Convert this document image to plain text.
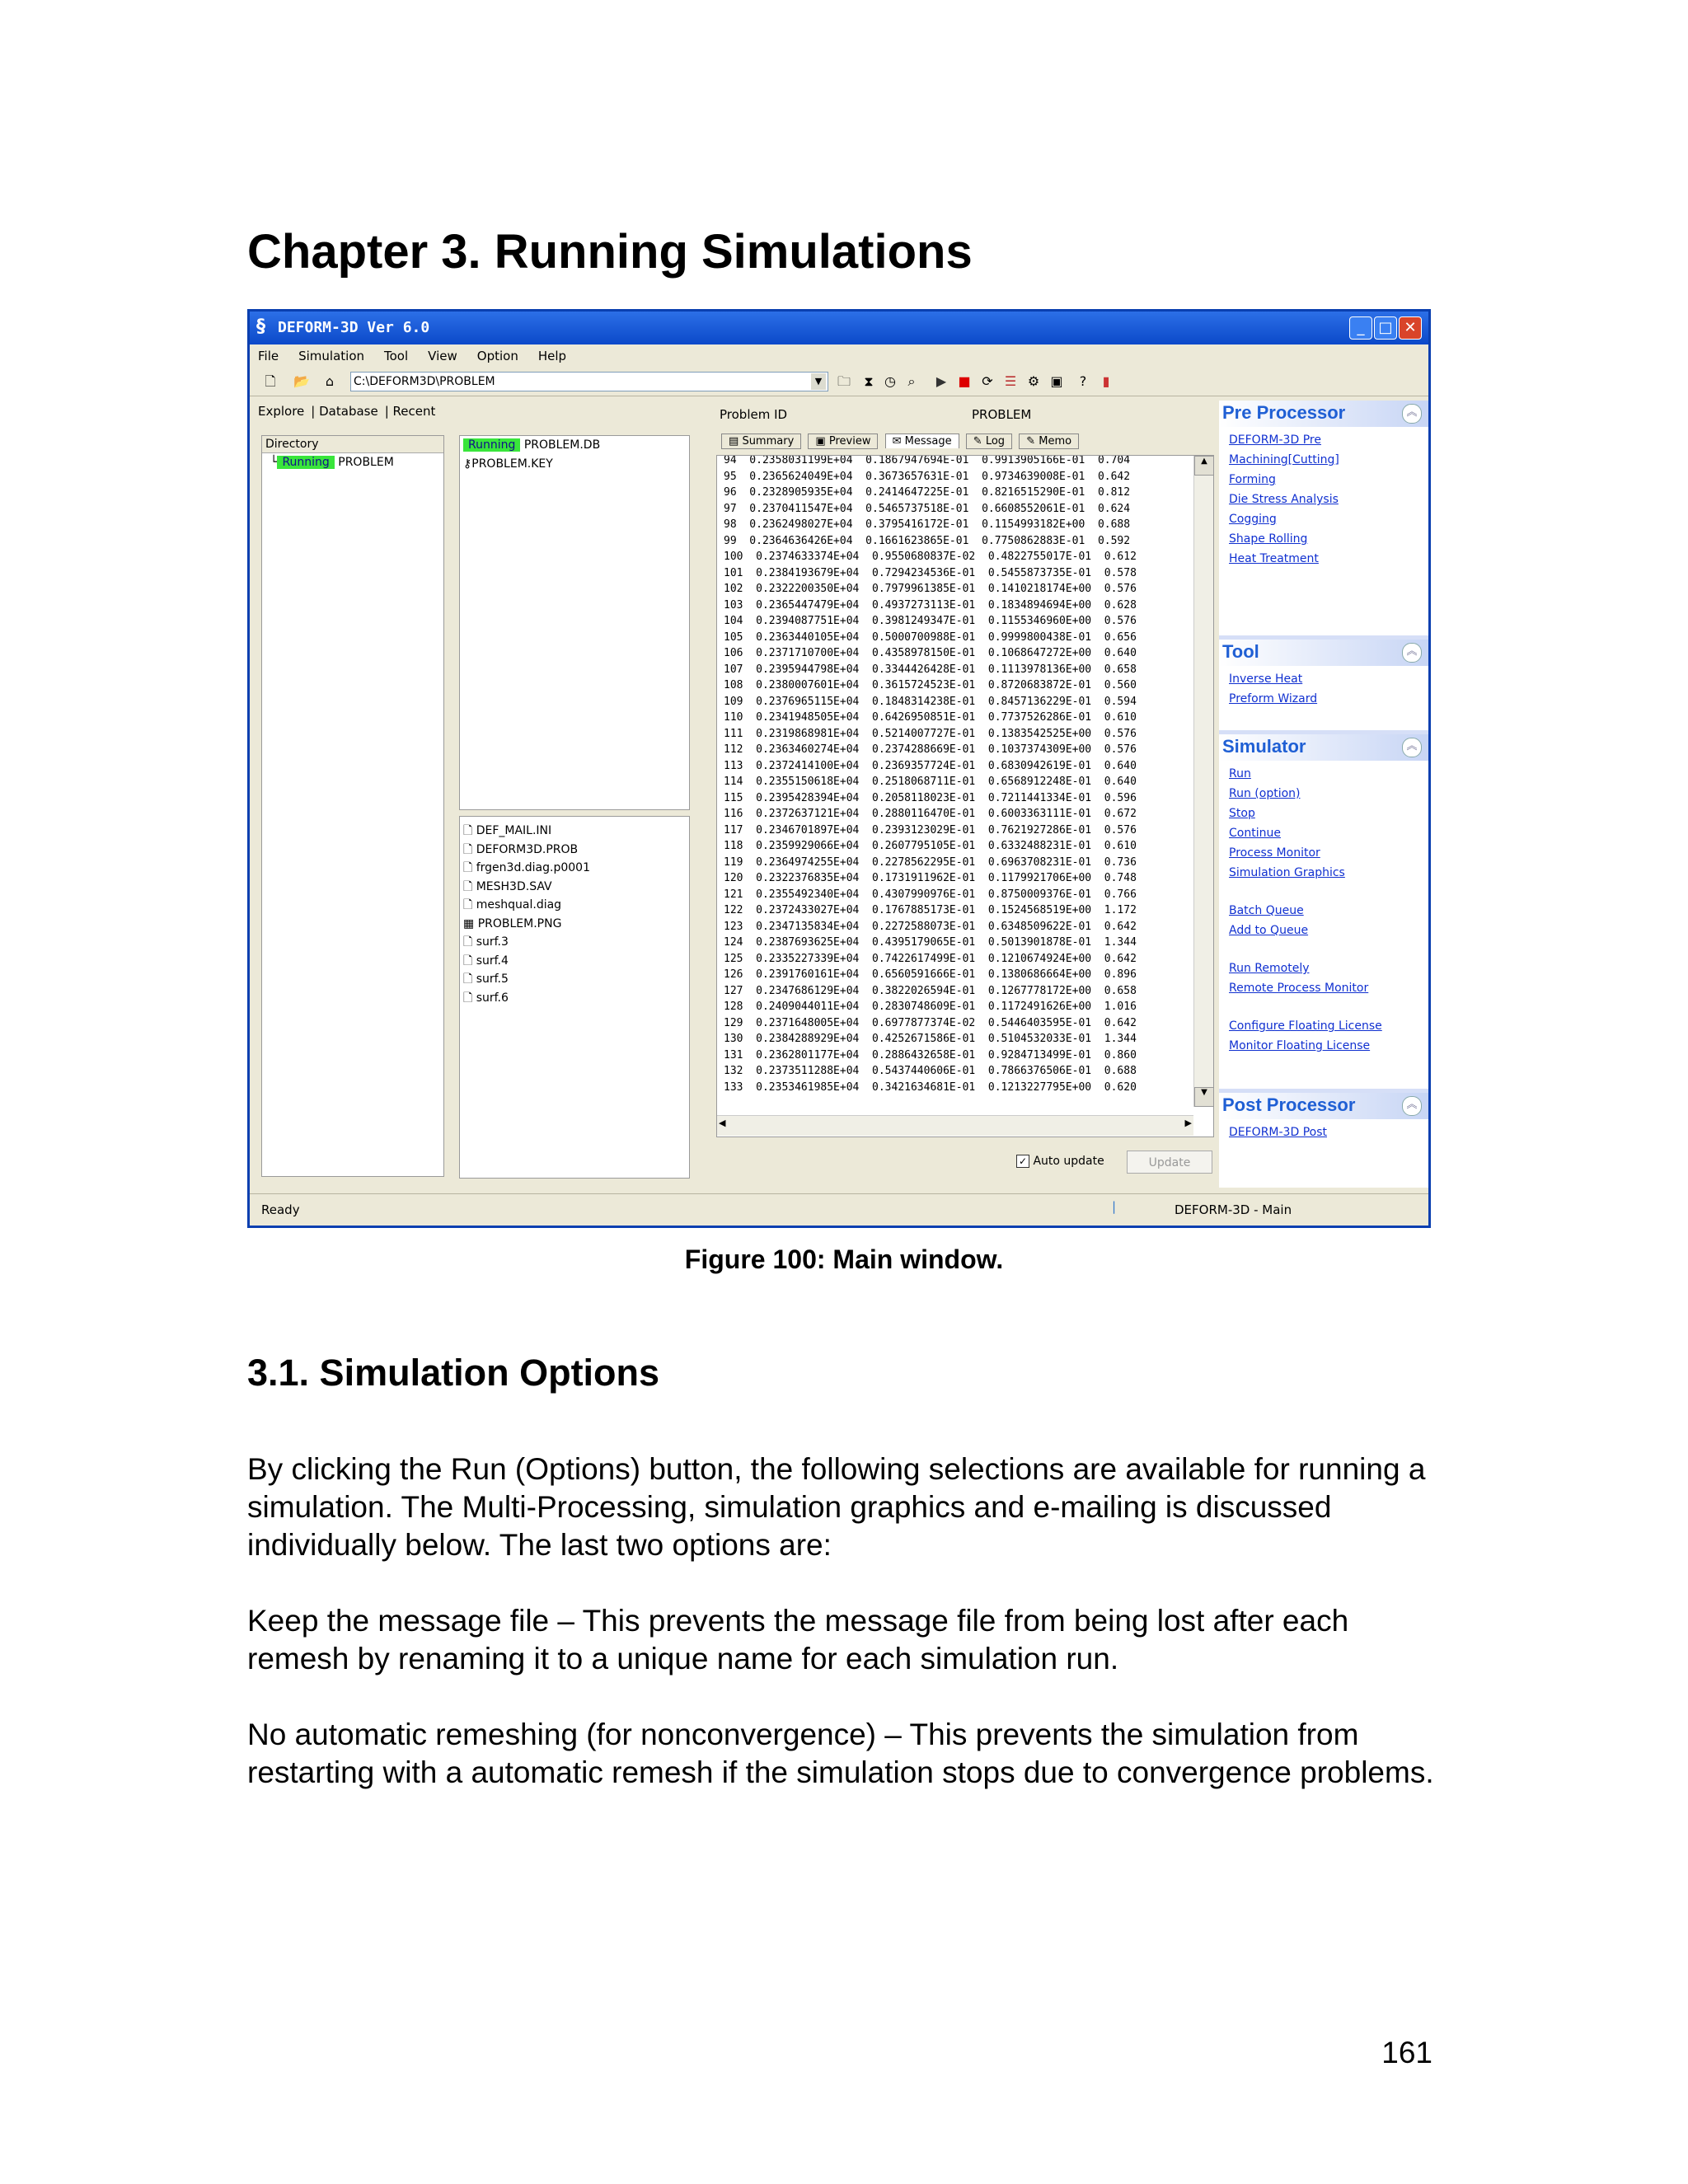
Chapter 3. Running Simulations
§ DEFORM-3D Ver 6.0	_ □ ✕
File Simulation Tool View Option Help
🗋 📂	⌂	C:\DEFORM3D\PROBLEM	▼ 🗀	⧗ ◷ ⌕	▶ ■ ⟳ ☰ ⚙ ▣	?	▮
Explore | Database | Recent
Directory
└ Running PROBLEM
Running PROBLEM.DB
⚷PROBLEM.KEY
🗋 DEF_MAIL.INI
🗋 DEFORM3D.PROB
🗋 frgen3d.diag.p0001
🗋 MESH3D.SAV
🗋 meshqual.diag
▦ PROBLEM.PNG
🗋 surf.3
🗋 surf.4
🗋 surf.5
🗋 surf.6
Problem ID	PROBLEM
▤ Summary ▣ Preview ✉ Message ✎ Log ✎ Memo
94  0.2358031199E+04  0.1867947694E-01  0.9913905166E-01  0.704
95  0.2365624049E+04  0.3673657631E-01  0.9734639008E-01  0.642
96  0.2328905935E+04  0.2414647225E-01  0.8216515290E-01  0.812
97  0.2370411547E+04  0.5465737518E-01  0.6608552061E-01  0.624
98  0.2362498027E+04  0.3795416172E-01  0.1154993182E+00  0.688
99  0.2364636426E+04  0.1661623865E-01  0.7750862883E-01  0.592
100  0.2374633374E+04  0.9550680837E-02  0.4822755017E-01  0.612
101  0.2384193679E+04  0.7294234536E-01  0.5455873735E-01  0.578
102  0.2322200350E+04  0.7979961385E-01  0.1410218174E+00  0.576
103  0.2365447479E+04  0.4937273113E-01  0.1834894694E+00  0.628
104  0.2394087751E+04  0.3981249347E-01  0.1155346960E+00  0.576
105  0.2363440105E+04  0.5000700988E-01  0.9999800438E-01  0.656
106  0.2371710700E+04  0.4358978150E-01  0.1068647272E+00  0.640
107  0.2395944798E+04  0.3344426428E-01  0.1113978136E+00  0.658
108  0.2380007601E+04  0.3615724523E-01  0.8720683872E-01  0.560
109  0.2376965115E+04  0.1848314238E-01  0.8457136229E-01  0.594
110  0.2341948505E+04  0.6426950851E-01  0.7737526286E-01  0.610
111  0.2319868981E+04  0.5214007727E-01  0.1383542525E+00  0.576
112  0.2363460274E+04  0.2374288669E-01  0.1037374309E+00  0.576
113  0.2372414100E+04  0.2369357724E-01  0.6830942619E-01  0.640
114  0.2355150618E+04  0.2518068711E-01  0.6568912248E-01  0.640
115  0.2395428394E+04  0.2058118023E-01  0.7211441334E-01  0.596
116  0.2372637121E+04  0.2880116470E-01  0.6003363111E-01  0.672
117  0.2346701897E+04  0.2393123029E-01  0.7621927286E-01  0.576
118  0.2359929066E+04  0.2607795105E-01  0.6332488231E-01  0.610
119  0.2364974255E+04  0.2278562295E-01  0.6963708231E-01  0.736
120  0.2322376835E+04  0.1731911962E-01  0.1179921706E+00  0.748
121  0.2355492340E+04  0.4307990976E-01  0.8750009376E-01  0.766
122  0.2372433027E+04  0.1767885173E-01  0.1524568519E+00  1.172
123  0.2347135834E+04  0.2272588073E-01  0.6348509622E-01  0.642
124  0.2387693625E+04  0.4395179065E-01  0.5013901878E-01  1.344
125  0.2335227339E+04  0.7422617499E-01  0.1210674924E+00  0.642
126  0.2391760161E+04  0.6560591666E-01  0.1380686664E+00  0.896
127  0.2347686129E+04  0.3822026594E-01  0.1267778172E+00  0.658
128  0.2409044011E+04  0.2830748609E-01  0.1172491626E+00  1.016
129  0.2371648005E+04  0.6977877374E-02  0.5446403595E-01  0.642
130  0.2384288929E+04  0.4252671586E-01  0.5104532033E-01  1.344
131  0.2362801177E+04  0.2886432658E-01  0.9284713499E-01  0.860
132  0.2373511288E+04  0.5437440606E-01  0.7866376506E-01  0.688
133  0.2353461985E+04  0.3421634681E-01  0.1213227795E+00  0.620
▲
▼
◀	▶
✓ Auto update	Update
Pre Processor	︽
DEFORM-3D Pre
Machining[Cutting]
Forming
Die Stress Analysis
Cogging
Shape Rolling
Heat Treatment
Tool	︽
Inverse Heat
Preform Wizard
Simulator	︽
Run
Run (option)
Stop
Continue
Process Monitor
Simulation Graphics
Batch Queue
Add to Queue
Run Remotely
Remote Process Monitor
Configure Floating License
Monitor Floating License
Post Processor	︽
DEFORM-3D Post
Ready	|	DEFORM-3D - Main
Figure 100: Main window.
3.1. Simulation Options

By clicking the Run (Options) button, the following selections are available for running a simulation. The Multi-Processing, simulation graphics and e-mailing is discussed individually below. The last two options are:

Keep the message file – This prevents the message file from being lost after each remesh by renaming it to a unique name for each simulation run.

No automatic remeshing (for nonconvergence) – This prevents the simulation from restarting with a automatic remesh if the simulation stops due to convergence problems.

161
